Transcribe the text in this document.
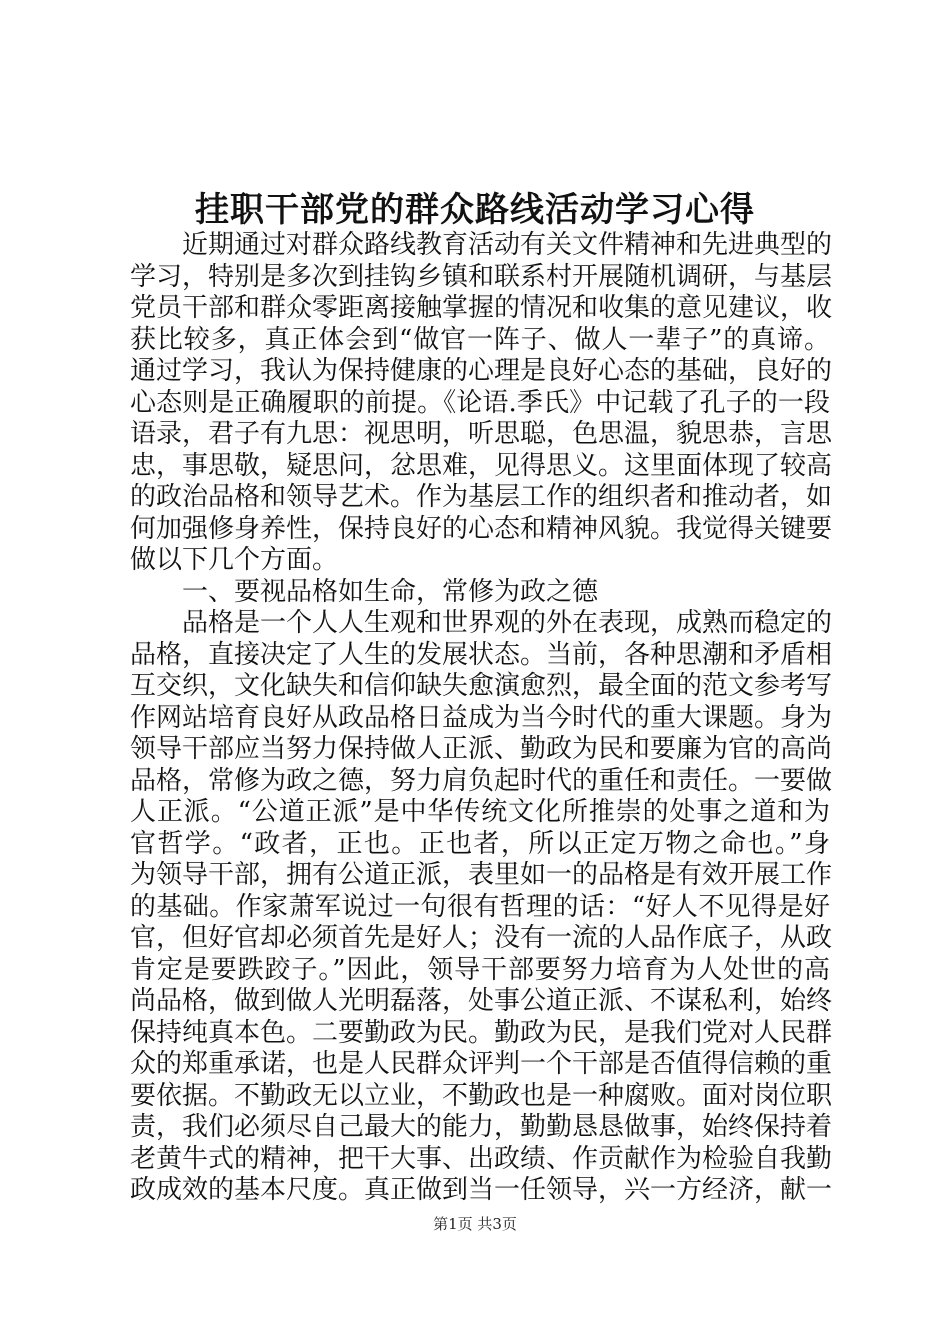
挂职干部党的群众路线活动学习心得
近期通过对群众路线教育活动有关文件精神和先进典型的
学习，特别是多次到挂钩乡镇和联系村开展随机调研，与基层
党员干部和群众零距离接触掌握的情况和收集的意见建议，收
获比较多，真正体会到“做官一阵子、做人一辈子”的真谛。
通过学习，我认为保持健康的心理是良好心态的基础，良好的
心态则是正确履职的前提。《论语.季氏》中记载了孔子的一段
语录，君子有九思：视思明，听思聪，色思温，貌思恭，言思
忠，事思敬，疑思问，忿思难，见得思义。这里面体现了较高
的政治品格和领导艺术。作为基层工作的组织者和推动者，如
何加强修身养性，保持良好的心态和精神风貌。我觉得关键要
做以下几个方面。
一、要视品格如生命，常修为政之德
品格是一个人人生观和世界观的外在表现，成熟而稳定的
品格，直接决定了人生的发展状态。当前，各种思潮和矛盾相
互交织，文化缺失和信仰缺失愈演愈烈，最全面的范文参考写
作网站培育良好从政品格日益成为当今时代的重大课题。身为
领导干部应当努力保持做人正派、勤政为民和要廉为官的高尚
品格，常修为政之德，努力肩负起时代的重任和责任。一要做
人正派。“公道正派”是中华传统文化所推崇的处事之道和为
官哲学。“政者，正也。正也者，所以正定万物之命也。”身
为领导干部，拥有公道正派，表里如一的品格是有效开展工作
的基础。作家萧军说过一句很有哲理的话：“好人不见得是好
官，但好官却必须首先是好人；没有一流的人品作底子，从政
肯定是要跌跤子。”因此，领导干部要努力培育为人处世的高
尚品格，做到做人光明磊落，处事公道正派、不谋私利，始终
保持纯真本色。二要勤政为民。勤政为民，是我们党对人民群
众的郑重承诺，也是人民群众评判一个干部是否值得信赖的重
要依据。不勤政无以立业，不勤政也是一种腐败。面对岗位职
责，我们必须尽自己最大的能力，勤勤恳恳做事，始终保持着
老黄牛式的精神，把干大事、出政绩、作贡献作为检验自我勤
政成效的基本尺度。真正做到当一任领导，兴一方经济，献一
第1页 共3页
